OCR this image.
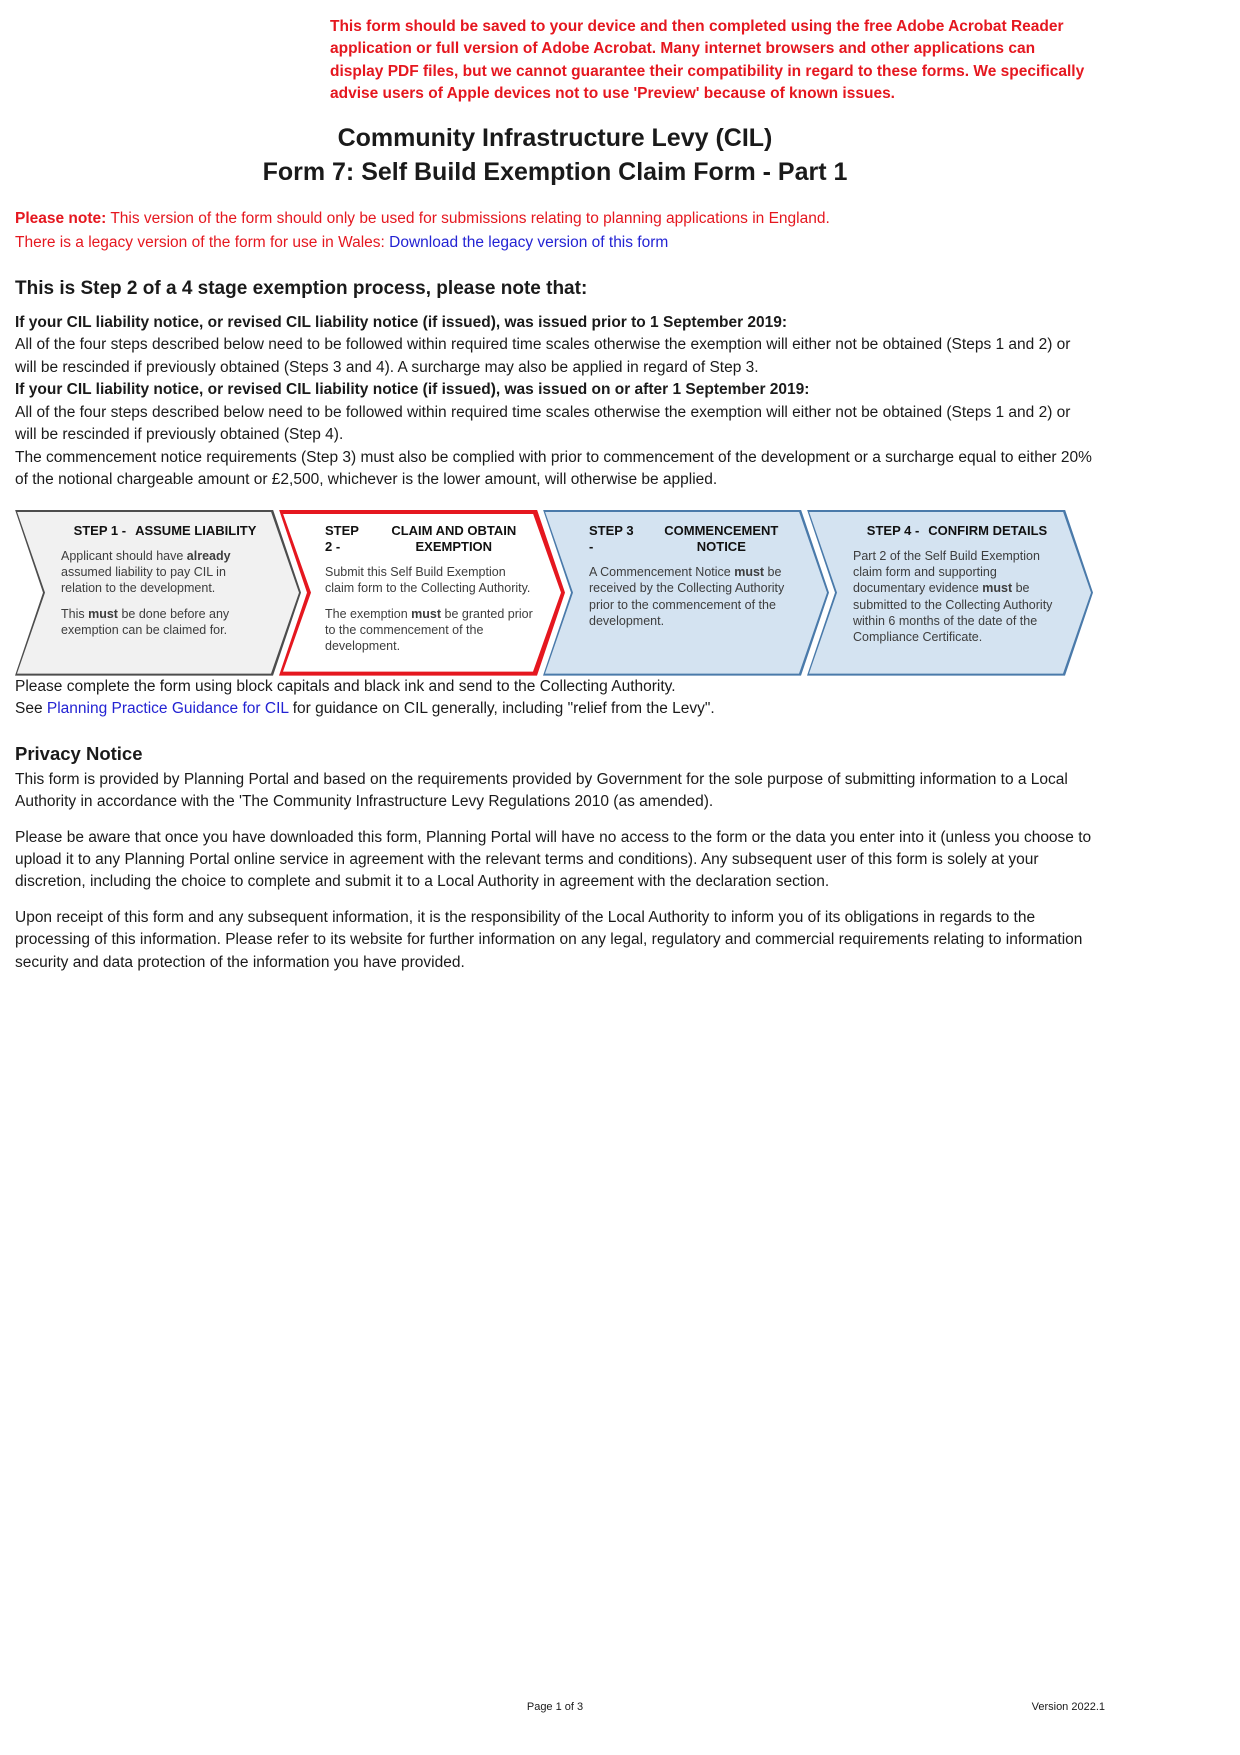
This form should be saved to your device and then completed using the free Adobe Acrobat Reader application or full version of Adobe Acrobat. Many internet browsers and other applications can display PDF files, but we cannot guarantee their compatibility in regard to these forms. We specifically advise users of Apple devices not to use 'Preview' because of known issues.
Community Infrastructure Levy (CIL)
Form 7: Self Build Exemption Claim Form - Part 1
Please note: This version of the form should only be used for submissions relating to planning applications in England.
There is a legacy version of the form for use in Wales: Download the legacy version of this form
This is Step 2 of a 4 stage exemption process, please note that:

If your CIL liability notice, or revised CIL liability notice (if issued), was issued prior to 1 September 2019:

All of the four steps described below need to be followed within required time scales otherwise the exemption will either not be obtained (Steps 1 and 2) or will be rescinded if previously obtained (Steps 3 and 4). A surcharge may also be applied in regard of Step 3.

If your CIL liability notice, or revised CIL liability notice (if issued), was issued on or after 1 September 2019:

All of the four steps described below need to be followed within required time scales otherwise the exemption will either not be obtained (Steps 1 and 2) or will be rescinded if previously obtained (Step 4).

The commencement notice requirements (Step 3) must also be complied with prior to commencement of the development or a surcharge equal to either 20% of the notional chargeable amount or £2,500, whichever is the lower amount, will otherwise be applied.

STEP 1 - ASSUME LIABILITY

Applicant should have already assumed liability to pay CIL in relation to the development.

This must be done before any exemption can be claimed for.

STEP 2 -
CLAIM AND OBTAIN EXEMPTION

Submit this Self Build Exemption claim form to the Collecting Authority.

The exemption must be granted prior to the commencement of the development.

STEP 3 -
COMMENCEMENT NOTICE

A Commencement Notice must be received by the Collecting Authority prior to the commencement of the development.

STEP 4 - CONFIRM DETAILS

Part 2 of the Self Build Exemption claim form and supporting documentary evidence must be submitted to the Collecting Authority within 6 months of the date of the Compliance Certificate.

Please complete the form using block capitals and black ink and send to the Collecting Authority.

See Planning Practice Guidance for CIL for guidance on CIL generally, including "relief from the Levy".

Privacy Notice

This form is provided by Planning Portal and based on the requirements provided by Government for the sole purpose of submitting information to a Local Authority in accordance with the 'The Community Infrastructure Levy Regulations 2010 (as amended).

Please be aware that once you have downloaded this form, Planning Portal will have no access to the form or the data you enter into it (unless you choose to upload it to any Planning Portal online service in agreement with the relevant terms and conditions). Any subsequent user of this form is solely at your discretion, including the choice to complete and submit it to a Local Authority in agreement with the declaration section.

Upon receipt of this form and any subsequent information, it is the responsibility of the Local Authority to inform you of its obligations in regards to the processing of this information. Please refer to its website for further information on any legal, regulatory and commercial requirements relating to information security and data protection of the information you have provided.

Page 1 of 3	Version 2022.1
